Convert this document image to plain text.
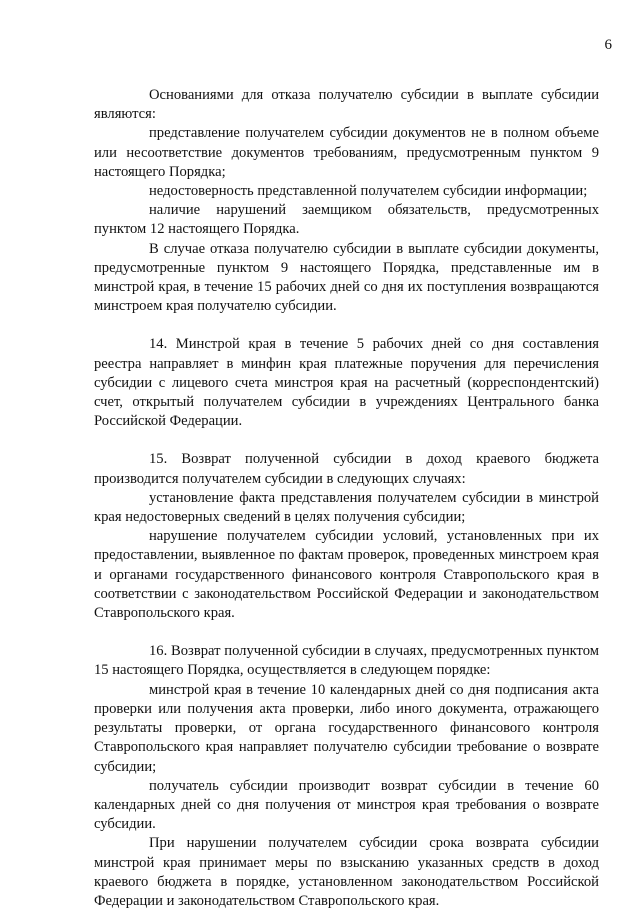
6

Основаниями для отказа получателю субсидии в выплате субсидии являются:

представление получателем субсидии документов не в полном объеме или несоответствие документов требованиям, предусмотренным пунктом 9 настоящего Порядка;

недостоверность представленной получателем субсидии информации;

наличие нарушений заемщиком обязательств, предусмотренных пунктом 12 настоящего Порядка.

В случае отказа получателю субсидии в выплате субсидии документы, предусмотренные пунктом 9 настоящего Порядка, представленные им в минстрой края, в течение 15 рабочих дней со дня их поступления возвращаются минстроем края получателю субсидии.

14. Минстрой края в течение 5 рабочих дней со дня составления реестра направляет в минфин края платежные поручения для перечисления субсидии с лицевого счета минстроя края на расчетный (корреспондентский) счет, открытый получателем субсидии в учреждениях Центрального банка Российской Федерации.

15. Возврат полученной субсидии в доход краевого бюджета производится получателем субсидии в следующих случаях:

установление факта представления получателем субсидии в минстрой края недостоверных сведений в целях получения субсидии;

нарушение получателем субсидии условий, установленных при их предоставлении, выявленное по фактам проверок, проведенных минстроем края и органами государственного финансового контроля Ставропольского края в соответствии с законодательством Российской Федерации и законодательством Ставропольского края.

16. Возврат полученной субсидии в случаях, предусмотренных пунктом 15 настоящего Порядка, осуществляется в следующем порядке:

минстрой края в течение 10 календарных дней со дня подписания акта проверки или получения акта проверки, либо иного документа, отражающего результаты проверки, от органа государственного финансового контроля Ставропольского края направляет получателю субсидии требование о возврате субсидии;

получатель субсидии производит возврат субсидии в течение 60 календарных дней со дня получения от минстроя края требования о возврате субсидии.

При нарушении получателем субсидии срока возврата субсидии минстрой края принимает меры по взысканию указанных средств в доход краевого бюджета в порядке, установленном законодательством Российской Федерации и законодательством Ставропольского края.
